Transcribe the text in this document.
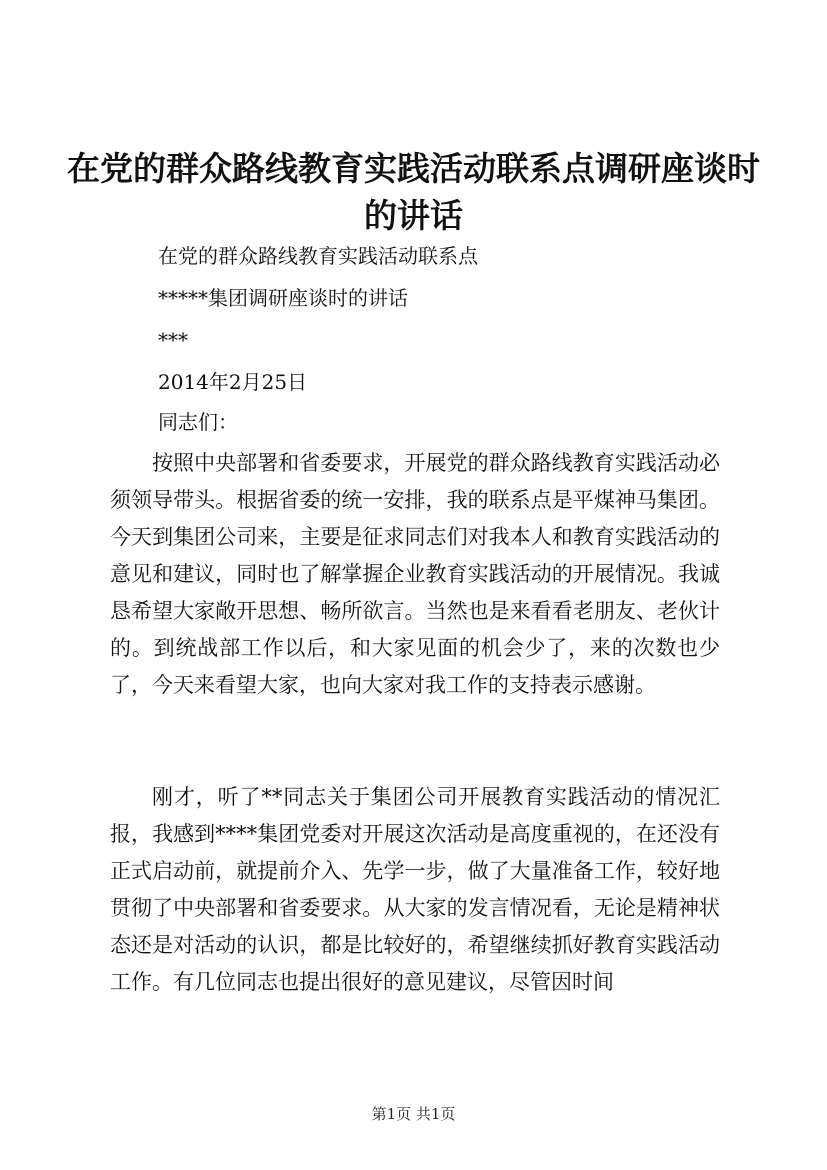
在党的群众路线教育实践活动联系点调研座谈时的讲话
在党的群众路线教育实践活动联系点
*****集团调研座谈时的讲话
***
2014年2月25日
同志们：

按照中央部署和省委要求，开展党的群众路线教育实践活动必须领导带头。根据省委的统一安排，我的联系点是平煤神马集团。今天到集团公司来，主要是征求同志们对我本人和教育实践活动的意见和建议，同时也了解掌握企业教育实践活动的开展情况。我诚恳希望大家敞开思想、畅所欲言。当然也是来看看老朋友、老伙计的。到统战部工作以后，和大家见面的机会少了，来的次数也少了，今天来看望大家，也向大家对我工作的支持表示感谢。

刚才，听了**同志关于集团公司开展教育实践活动的情况汇报，我感到****集团党委对开展这次活动是高度重视的，在还没有正式启动前，就提前介入、先学一步，做了大量准备工作，较好地贯彻了中央部署和省委要求。从大家的发言情况看，无论是精神状态还是对活动的认识，都是比较好的，希望继续抓好教育实践活动工作。有几位同志也提出很好的意见建议，尽管因时间

第1页 共1页
